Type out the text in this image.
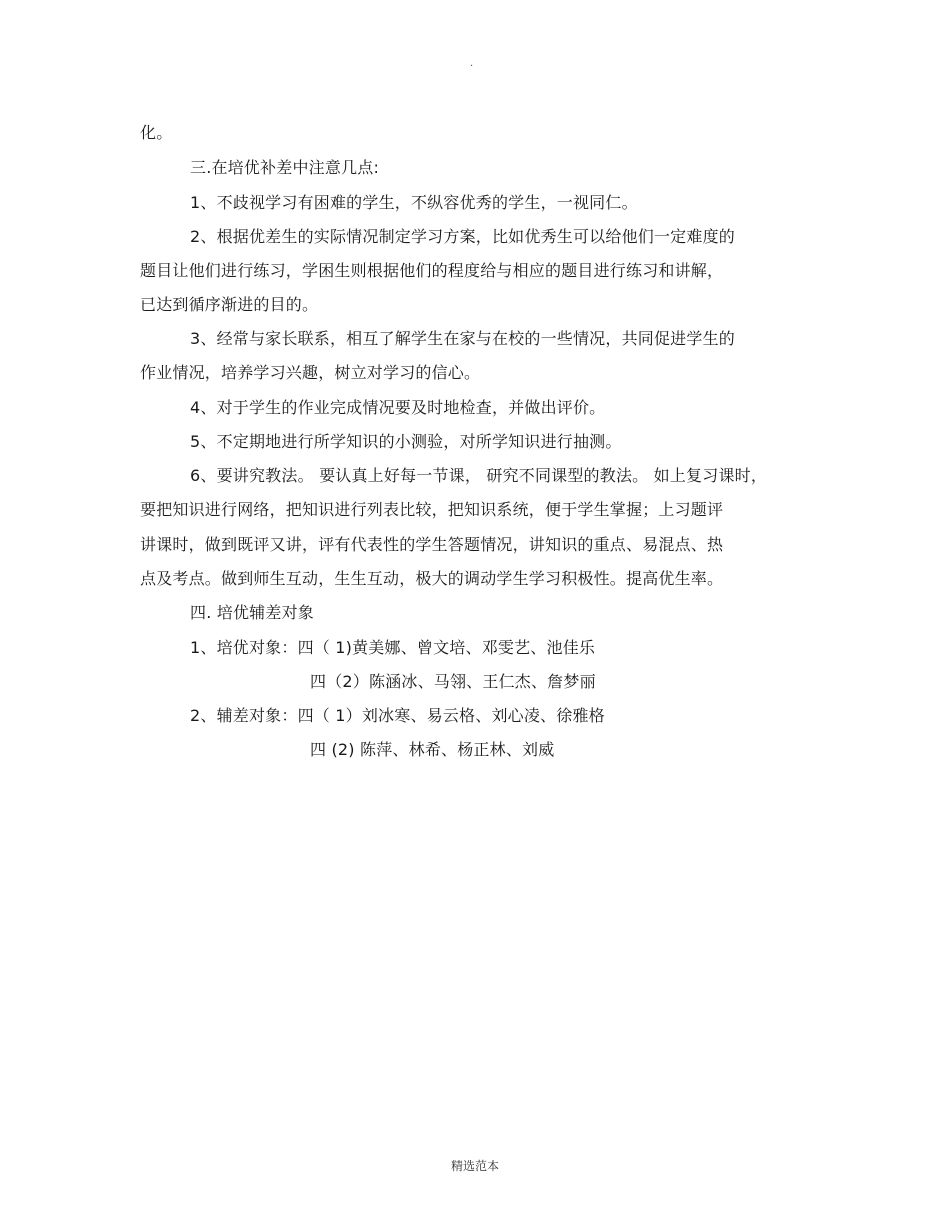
.
化。
三.在培优补差中注意几点:
1、不歧视学习有困难的学生，不纵容优秀的学生，一视同仁。
2、根据优差生的实际情况制定学习方案，比如优秀生可以给他们一定难度的
题目让他们进行练习，学困生则根据他们的程度给与相应的题目进行练习和讲解，
已达到循序渐进的目的。
3、经常与家长联系，相互了解学生在家与在校的一些情况，共同促进学生的
作业情况，培养学习兴趣，树立对学习的信心。
4、对于学生的作业完成情况要及时地检查，并做出评价。
5、不定期地进行所学知识的小测验，对所学知识进行抽测。
6、要讲究教法。 要认真上好每一节课， 研究不同课型的教法。 如上复习课时，
要把知识进行网络，把知识进行列表比较，把知识系统，便于学生掌握；上习题评
讲课时，做到既评又讲，评有代表性的学生答题情况，讲知识的重点、易混点、热
点及考点。做到师生互动，生生互动，极大的调动学生学习积极性。提高优生率。
四. 培优辅差对象
1、培优对象：四（ 1)黄美娜、曾文培、邓雯艺、池佳乐
四（2）陈涵冰、马翎、王仁杰、詹梦丽
2、辅差对象：四（ 1）刘冰寒、易云格、刘心凌、徐雅格
四 (2) 陈萍、林希、杨正林、刘威
精选范本
